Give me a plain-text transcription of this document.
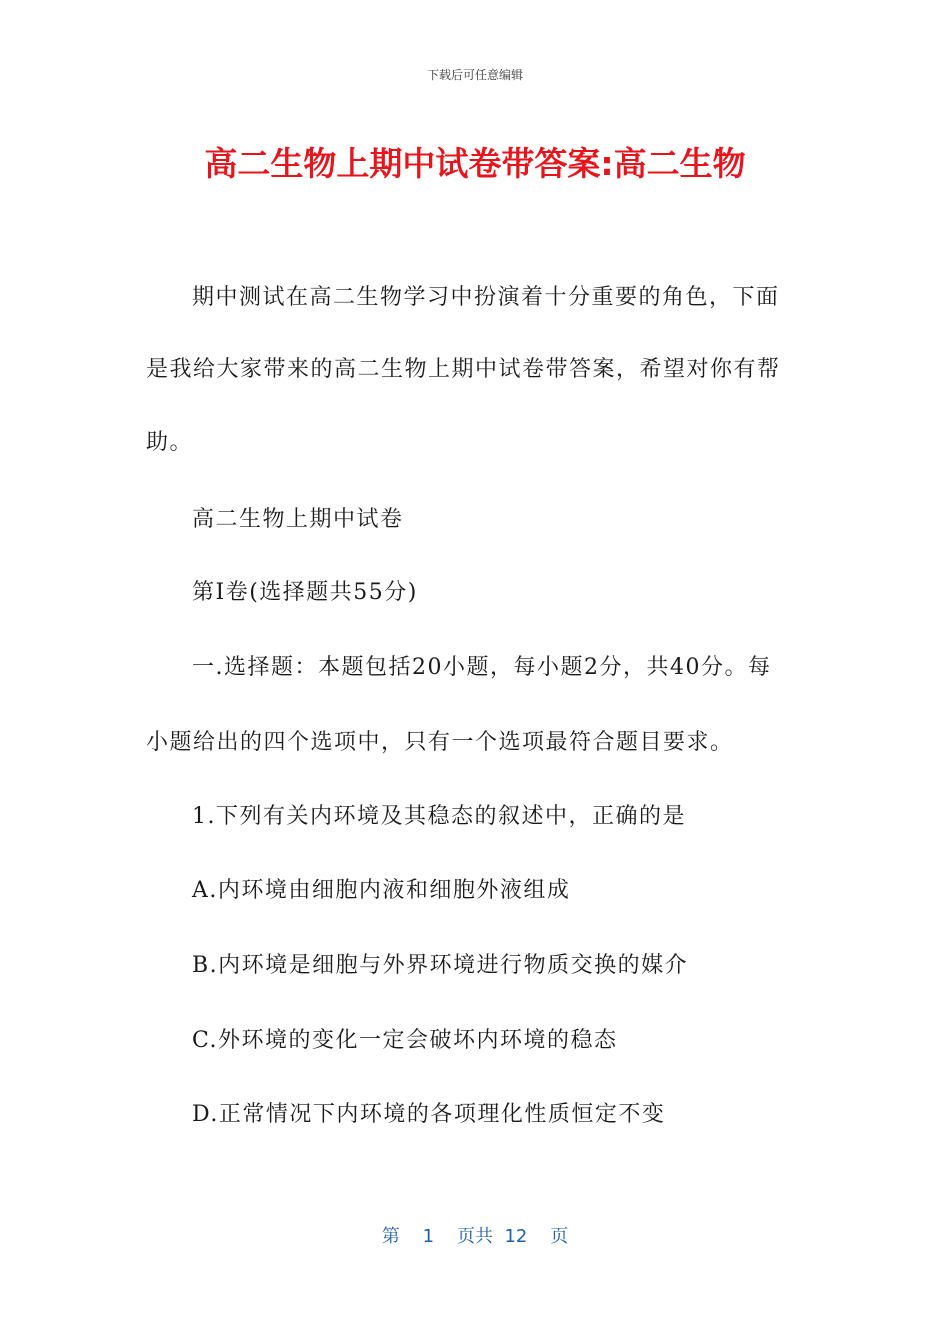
下载后可任意编辑
高二生物上期中试卷带答案:高二生物
期中测试在高二生物学习中扮演着十分重要的角色，下面
是我给大家带来的高二生物上期中试卷带答案，希望对你有帮
助。
高二生物上期中试卷
第Ⅰ卷(选择题共55分)
一.选择题：本题包括20小题，每小题2分，共40分。每
小题给出的四个选项中，只有一个选项最符合题目要求。
1.下列有关内环境及其稳态的叙述中，正确的是
A.内环境由细胞内液和细胞外液组成
B.内环境是细胞与外界环境进行物质交换的媒介
C.外环境的变化一定会破坏内环境的稳态
D.正常情况下内环境的各项理化性质恒定不变
第 1 页共 12 页
